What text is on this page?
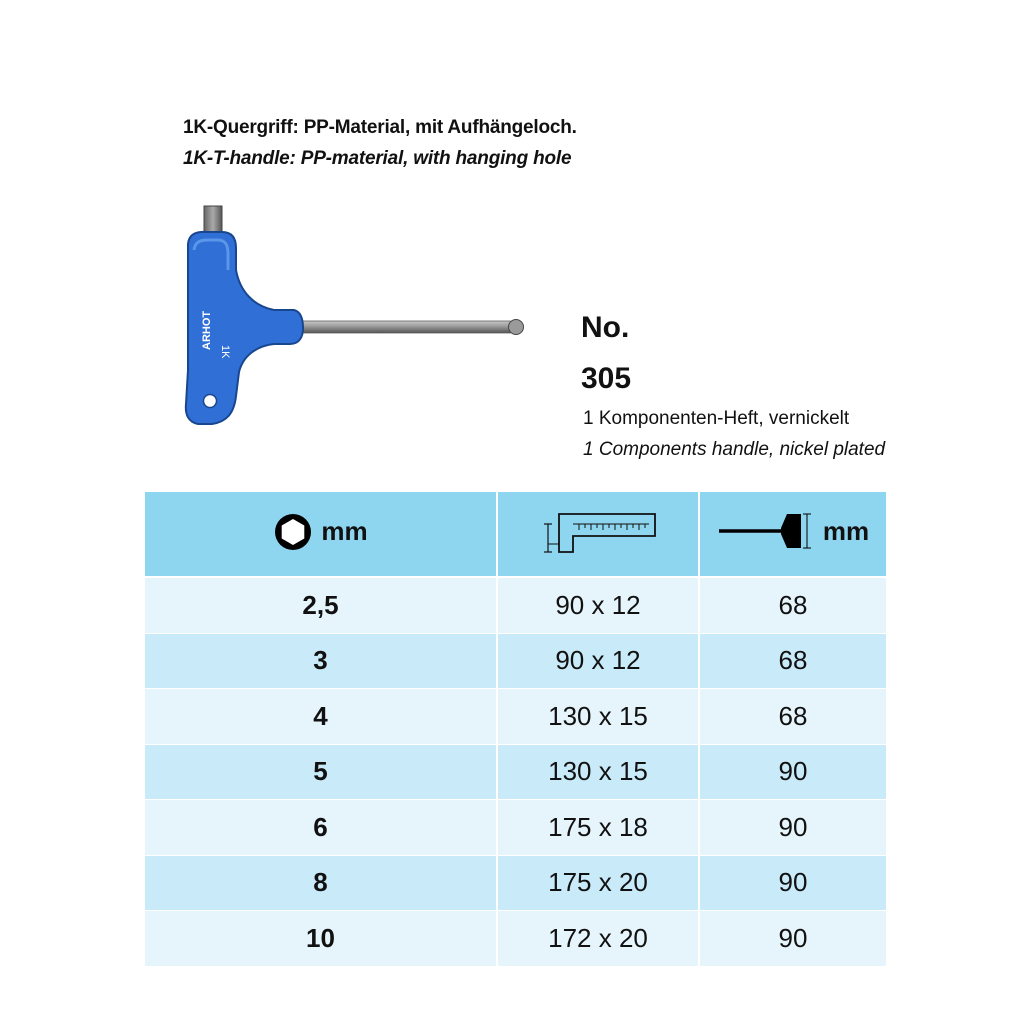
1K-Quergriff: PP-Material, mit Aufhängeloch.
1K-T-handle: PP-material, with hanging hole
ARHOT
1K
No.
305
1 Komponenten-Heft, vernickelt
1 Components handle, nickel plated
mm		mm

2,5	90 x 12	68
3	90 x 12	68
4	130 x 15	68
5	130 x 15	90
6	175 x 18	90
8	175 x 20	90
10	172 x 20	90
